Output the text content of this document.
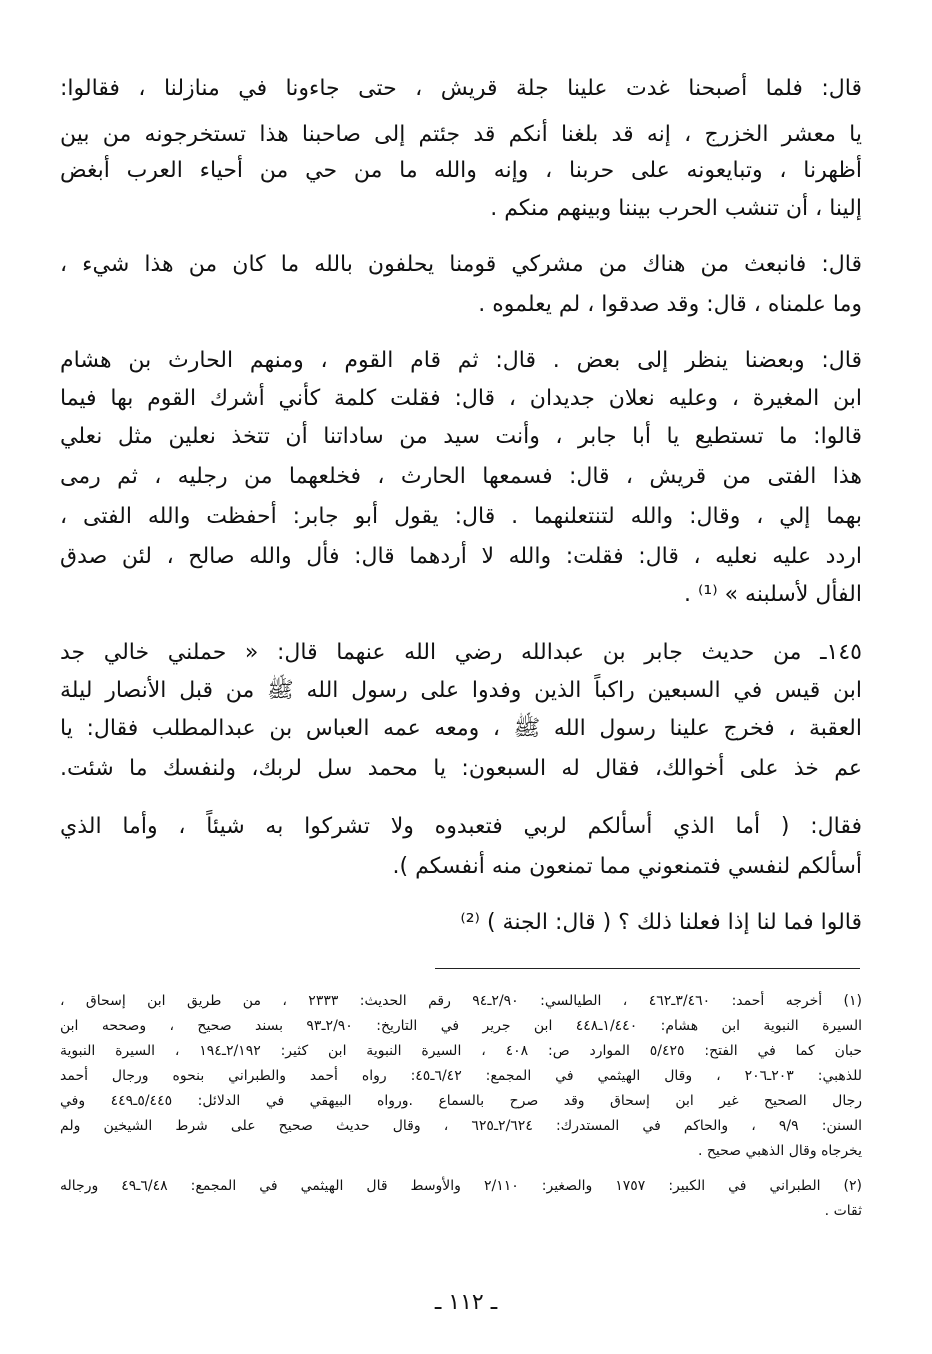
قال: فلما أصبحنا غدت علينا جلة قريش ، حتى جاءونا في منازلنا ، فقالوا:
يا معشر الخزرج ، إنه قد بلغنا أنكم قد جئتم إلى صاحبنا هذا تستخرجونه من بين
أظهرنا ، وتبايعونه على حربنا ، وإنه والله ما من حي من أحياء العرب أبغض
إلينا ، أن تنشب الحرب بيننا وبينهم منكم .
قال: فانبعث من هناك من مشركي قومنا يحلفون بالله ما كان من هذا شيء ،
وما علمناه ، قال: وقد صدقوا ، لم يعلموه .
قال: وبعضنا ينظر إلى بعض . قال: ثم قام القوم ، ومنهم الحارث بن هشام
ابن المغيرة ، وعليه نعلان جديدان ، قال: فقلت كلمة كأني أشرك القوم بها فيما
قالوا: ما تستطيع يا أبا جابر ، وأنت سيد من ساداتنا أن تتخذ نعلين مثل نعلي
هذا الفتى من قريش ، قال: فسمعها الحارث ، فخلعهما من رجليه ، ثم رمى
بهما إلي ، وقال: والله لتنتعلنهما . قال: يقول أبو جابر: أحفظت والله الفتى ،
اردد عليه نعليه ، قال: فقلت: والله لا أردهما قال: فأل والله صالح ، لئن صدق
الفأل لأسلبنه » ⁽¹⁾ .
١٤٥ـ من حديث جابر بن عبدالله رضي الله عنهما قال: « حملني خالي جد
ابن قيس في السبعين راكباً الذين وفدوا على رسول الله ﷺ من قبل الأنصار ليلة
العقبة ، فخرج علينا رسول الله ﷺ ، ومعه عمه العباس بن عبدالمطلب فقال: يا
عم خذ على أخوالك، فقال له السبعون: يا محمد سل لربك، ولنفسك ما شئت.
فقال: ( أما الذي أسألكم لربي فتعبدوه ولا تشركوا به شيئاً ، وأما الذي
أسألكم لنفسي فتمنعوني مما تمنعون منه أنفسكم ).
قالوا فما لنا إذا فعلنا ذلك ؟ ( قال: الجنة ) ⁽²⁾
(١) أخرجه أحمد: ٣/٤٦٠ـ٤٦٢ ، الطيالسي: ٢/٩٠ـ٩٤ رقم الحديث: ٢٣٣٣ ، من طريق ابن إسحاق ،
السيرة النبوية ابن هشام: ١/٤٤٠ـ٤٤٨ ابن جرير في التاريخ: ٢/٩٠ـ٩٣ بسند صحيح ، وصححه ابن
حبان كما في الفتح: ٥/٤٢٥ الموارد ص: ٤٠٨ ، السيرة النبوية ابن كثير: ٢/١٩٢ـ١٩٤ ، السيرة النبوية
للذهبي: ٢٠٣ـ٢٠٦ ، وقال الهيثمي في المجمع: ٦/٤٢ـ٤٥: رواه أحمد والطبراني بنحوه ورجال أحمد
رجال الصحيح غير ابن إسحاق وقد صرح بالسماع .ورواه البيهقي في الدلائل: ٥/٤٤٥ـ٤٤٩ وفي
السنن: ٩/٩ ، والحاكم في المستدرك: ٢/٦٢٤ـ٦٢٥ ، وقال حديث صحيح على شرط الشيخين ولم
يخرجاه وقال الذهبي صحيح .
(٢) الطبراني في الكبير: ١٧٥٧ والصغير: ٢/١١٠ والأوسط قال الهيثمي في المجمع: ٦/٤٨ـ٤٩ ورجاله
ثقات .
ـ ١١٢ ـ
